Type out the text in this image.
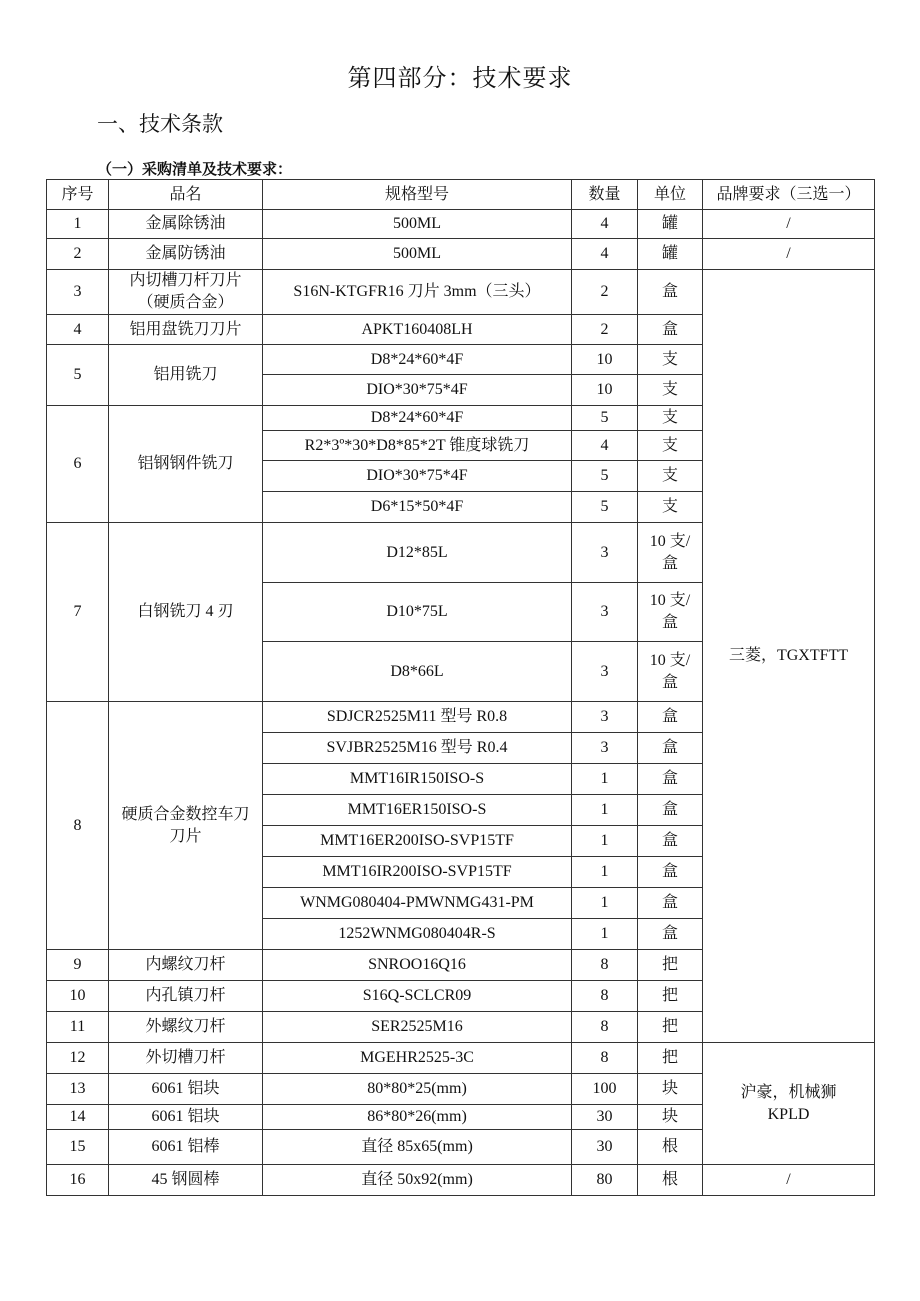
第四部分：技术要求
一、技术条款
（一）采购清单及技术要求：
序号	品名	规格型号	数量	单位	品牌要求（三选一）
1	金属除锈油	500ML	4	罐	/
2	金属防锈油	500ML	4	罐	/
3	内切槽刀杆刀片
（硬质合金）	S16N-KTGFR16 刀片 3mm（三头）	2	盒	三菱，TGXTFTT
4	铝用盘铣刀刀片	APKT160408LH	2	盒	
5	铝用铣刀	D8*24*60*4F	10	支	
		DIO*30*75*4F	10	支	
6	铝钢钢件铣刀	D8*24*60*4F	5	支	
		R2*3º*30*D8*85*2T 锥度球铣刀	4	支	
		DIO*30*75*4F	5	支	
		D6*15*50*4F	5	支	
7	白钢铣刀 4 刃	D12*85L	3	10 支/
盒	
		D10*75L	3	10 支/
盒	
		D8*66L	3	10 支/
盒	
8	硬质合金数控车刀
刀片	SDJCR2525M11 型号 R0.8	3	盒	
		SVJBR2525M16 型号 R0.4	3	盒	
		MMT16IR150ISO-S	1	盒	
		MMT16ER150ISO-S	1	盒	
		MMT16ER200ISO-SVP15TF	1	盒	
		MMT16IR200ISO-SVP15TF	1	盒	
		WNMG080404-PMWNMG431-PM	1	盒	
		1252WNMG080404R-S	1	盒	
9	内螺纹刀杆	SNROO16Q16	8	把	
10	内孔镇刀杆	S16Q-SCLCR09	8	把	
11	外螺纹刀杆	SER2525M16	8	把	
12	外切槽刀杆	MGEHR2525-3C	8	把	沪豪，机械狮
KPLD
13	6061 铝块	80*80*25(mm)	100	块	
14	6061 铝块	86*80*26(mm)	30	块	
15	6061 铝棒	直径 85x65(mm)	30	根	
16	45 钢圆棒	直径 50x92(mm)	80	根	/
